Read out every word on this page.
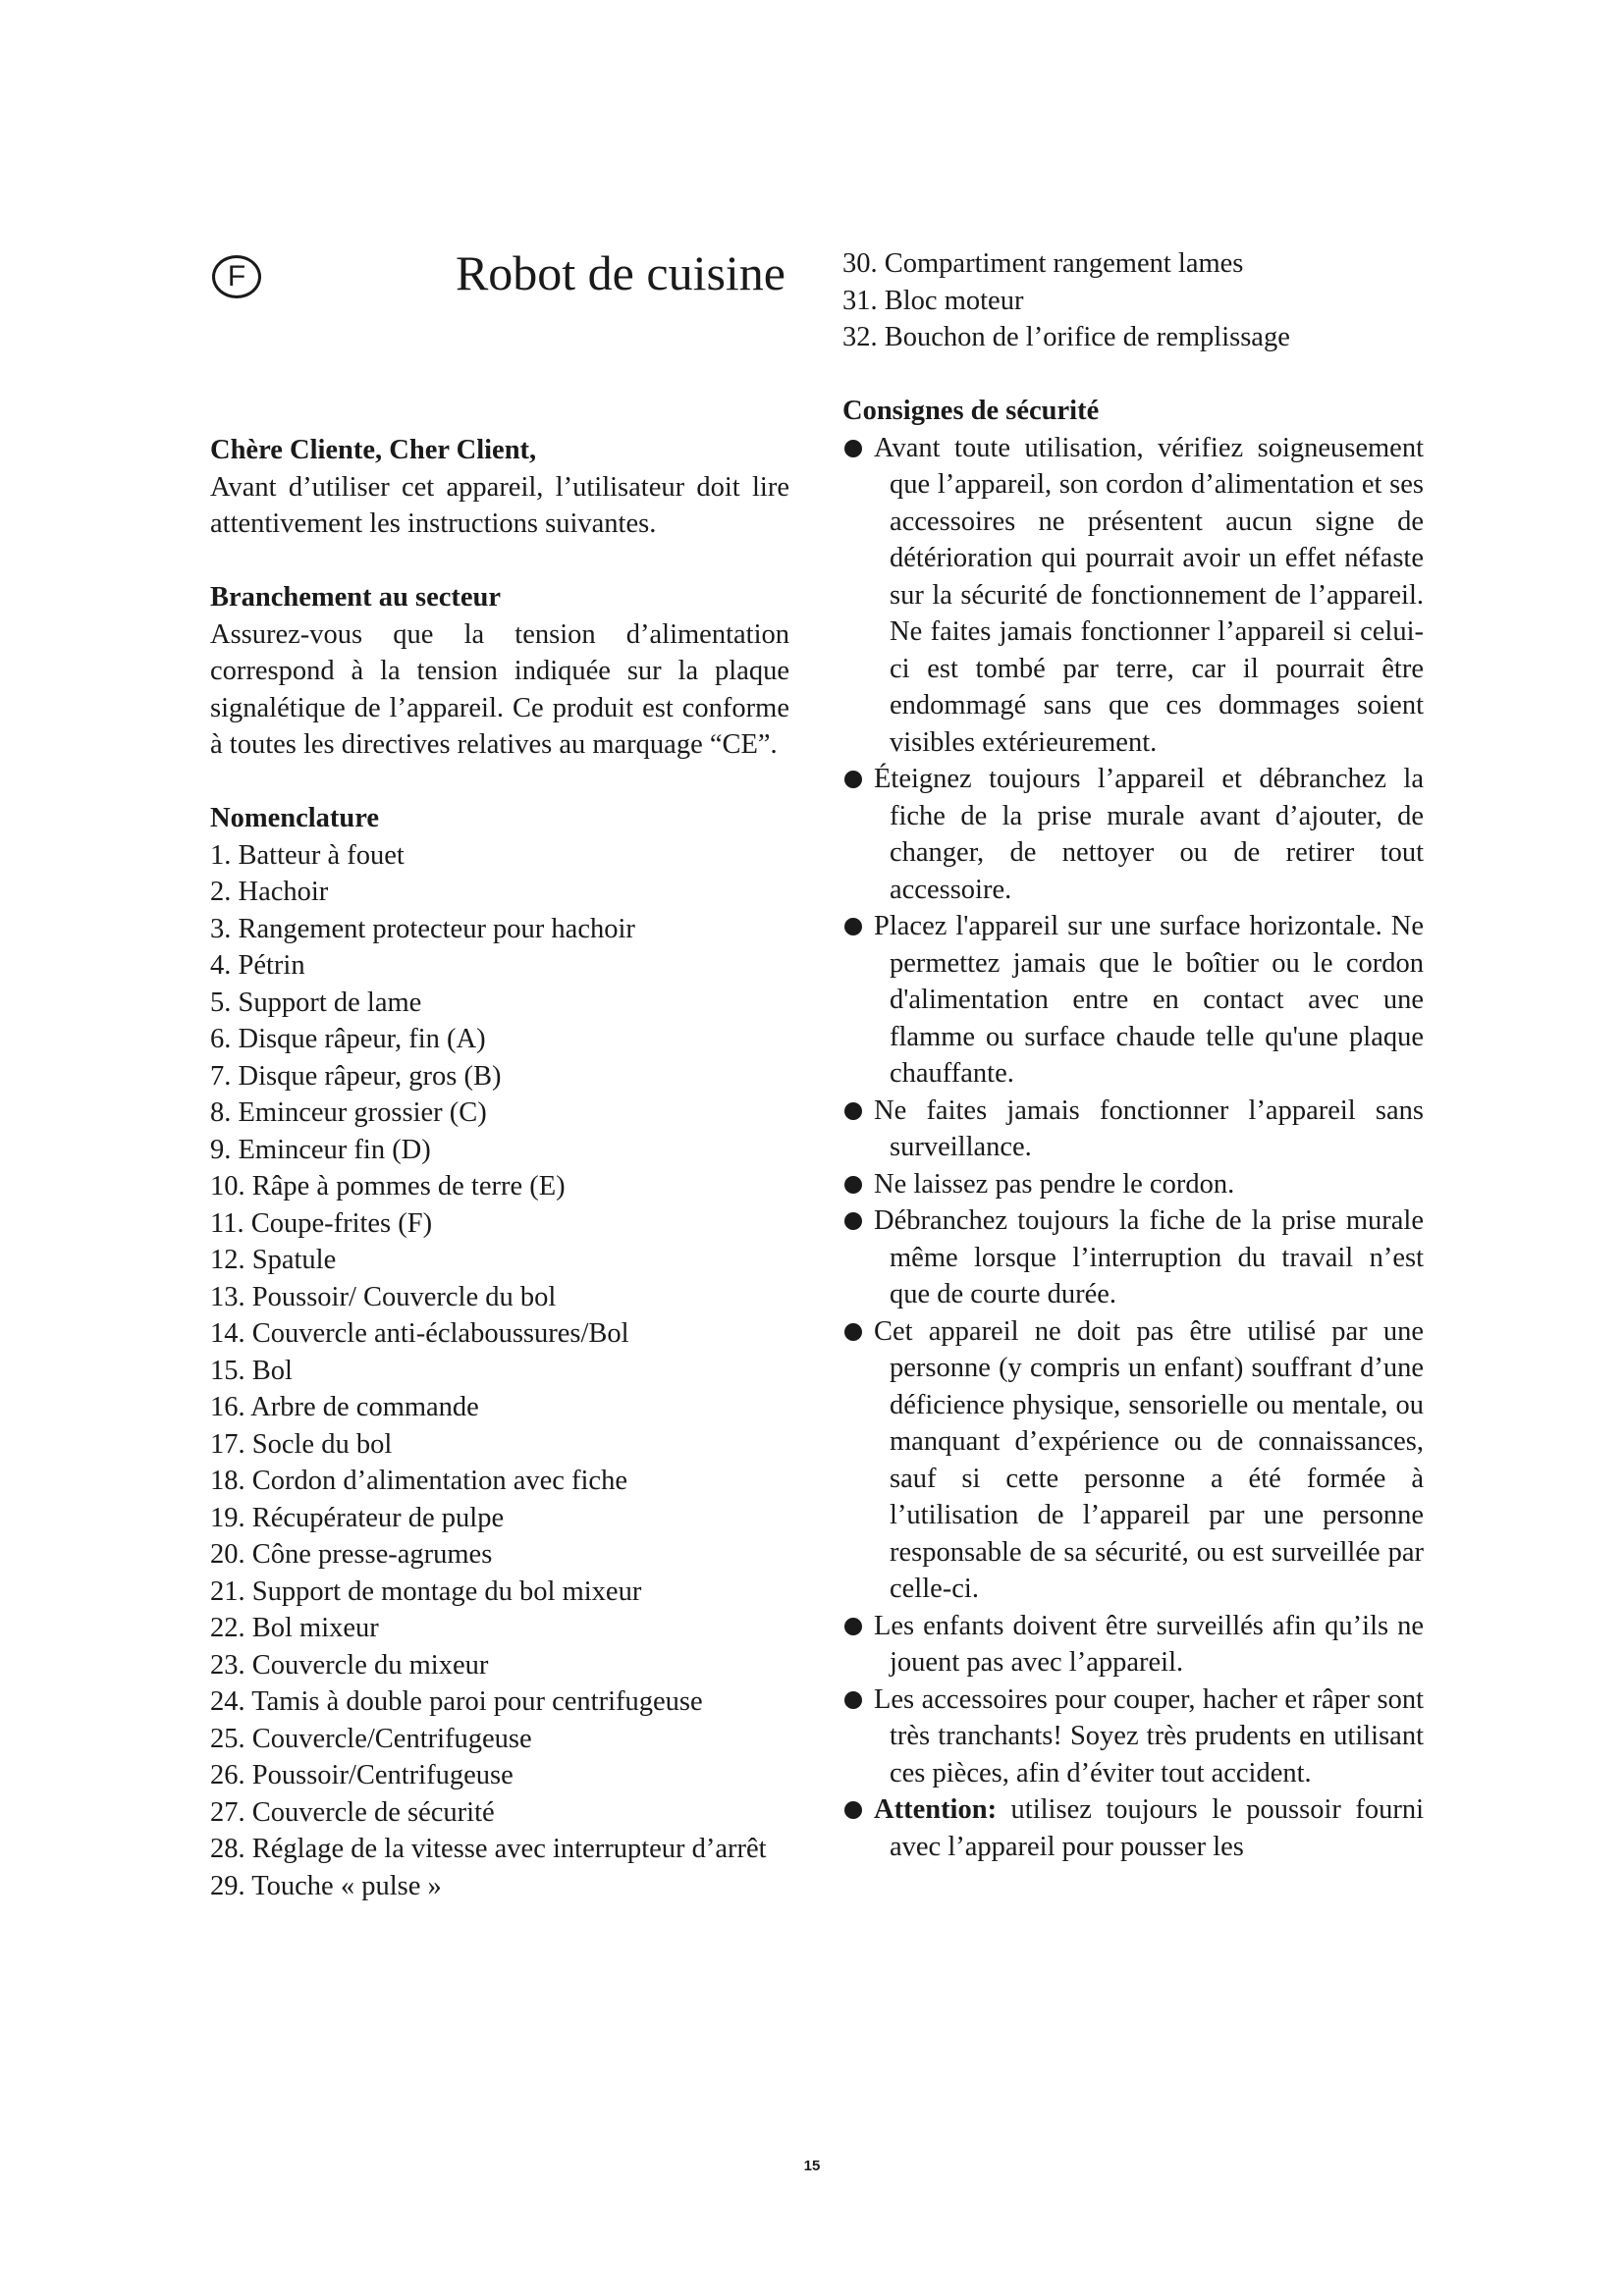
F	Robot de cuisine

Chère Cliente, Cher Client,

Avant d’utiliser cet appareil, l’utilisateur doit lire attentivement les instructions suivantes.

Branchement au secteur

Assurez-vous que la tension d’alimentation correspond à la tension indiquée sur la plaque signalétique de l’appareil. Ce produit est conforme à toutes les directives relatives au marquage “CE”.

Nomenclature

1. Batteur à fouet
2. Hachoir
3. Rangement protecteur pour hachoir
4. Pétrin
5. Support de lame
6. Disque râpeur, fin (A)
7. Disque râpeur, gros (B)
8. Eminceur grossier (C)
9. Eminceur fin (D)
10. Râpe à pommes de terre (E)
11. Coupe-frites (F)
12. Spatule
13. Poussoir/ Couvercle du bol
14. Couvercle anti-éclaboussures/Bol
15. Bol
16. Arbre de commande
17. Socle du bol
18. Cordon d’alimentation avec fiche
19. Récupérateur de pulpe
20. Cône presse-agrumes
21. Support de montage du bol mixeur
22. Bol mixeur
23. Couvercle du mixeur
24. Tamis à double paroi pour centrifugeuse
25. Couvercle/Centrifugeuse
26. Poussoir/Centrifugeuse
27. Couvercle de sécurité
28. Réglage de la vitesse avec interrupteur d’arrêt
29. Touche « pulse »
30. Compartiment rangement lames
31. Bloc moteur
32. Bouchon de l’orifice de remplissage

Consignes de sécurité

Avant toute utilisation, vérifiez soigneusement que l’appareil, son cordon d’alimentation et ses accessoires ne présentent aucun signe de détérioration qui pourrait avoir un effet néfaste sur la sécurité de fonctionnement de l’appareil. Ne faites jamais fonctionner l’appareil si celui-ci est tombé par terre, car il pourrait être endommagé sans que ces dommages soient visibles extérieurement.
Éteignez toujours l’appareil et débranchez la fiche de la prise murale avant d’ajouter, de changer, de nettoyer ou de retirer tout accessoire.
Placez l'appareil sur une surface horizontale. Ne permettez jamais que le boîtier ou le cordon d'alimentation entre en contact avec une flamme ou surface chaude telle qu'une plaque chauffante.
Ne faites jamais fonctionner l’appareil sans surveillance.
Ne laissez pas pendre le cordon.
Débranchez toujours la fiche de la prise murale même lorsque l’interruption du travail n’est que de courte durée.
Cet appareil ne doit pas être utilisé par une personne (y compris un enfant) souffrant d’une déficience physique, sensorielle ou mentale, ou manquant d’expérience ou de connaissances, sauf si cette personne a été formée à l’utilisation de l’appareil par une personne responsable de sa sécurité, ou est surveillée par celle-ci.
Les enfants doivent être surveillés afin qu’ils ne jouent pas avec l’appareil.
Les accessoires pour couper, hacher et râper sont très tranchants! Soyez très prudents en utilisant ces pièces, afin d’éviter tout accident.
Attention: utilisez toujours le poussoir fourni avec l’appareil pour pousser les
15
